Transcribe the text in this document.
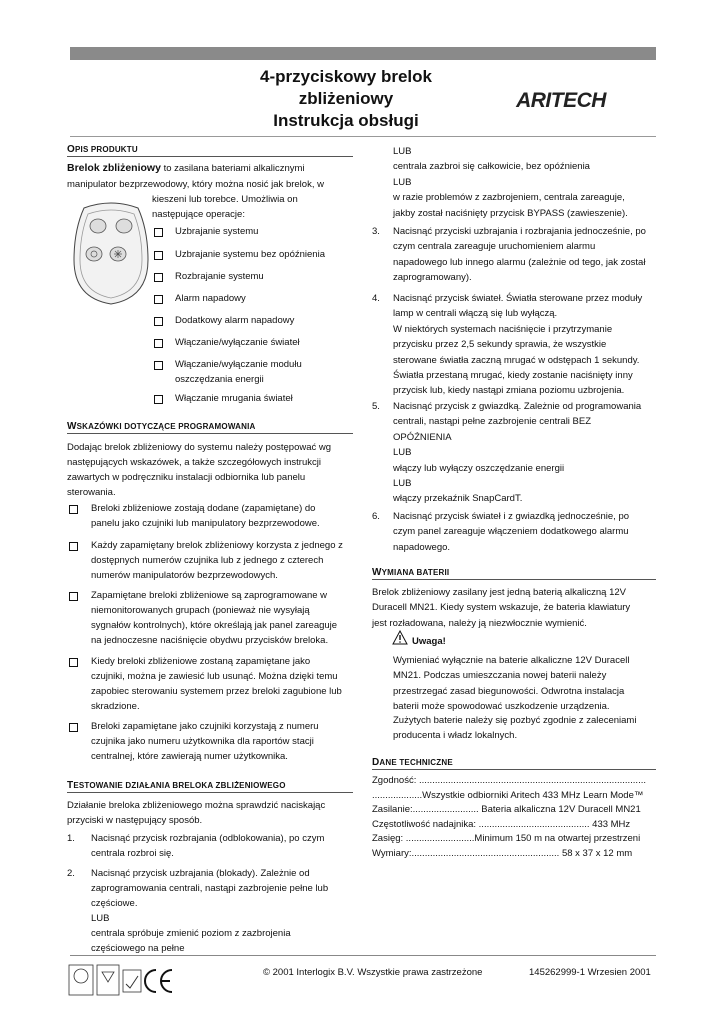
4-przyciskowy brelok
zbliżeniowy
Instrukcja obsługi
ARITECH
OPIS PRODUKTU
Brelok zbliżeniowy to zasilana bateriami alkalicznymi
manipulator bezprzewodowy, który można nosić jak brelok, w
kieszeni lub torebce. Umożliwia on
następujące operacje:
Uzbrajanie systemu
Uzbrajanie systemu bez opóźnienia
Rozbrajanie systemu
Alarm napadowy
Dodatkowy alarm napadowy
Włączanie/wyłączanie świateł
Włączanie/wyłączanie modułu
oszczędzania energii
Włączanie mrugania świateł
WSKAZÓWKI DOTYCZĄCE PROGRAMOWANIA
Dodając brelok zbliżeniowy do systemu należy postępować wg
następujących wskazówek, a także szczegółowych instrukcji
zawartych w podręczniku instalacji odbiornika lub panelu
sterowania.
Breloki zbliżeniowe zostają dodane (zapamiętane) do
panelu jako czujniki lub manipulatory bezprzewodowe.
Każdy zapamiętany brelok zbliżeniowy korzysta z jednego z
dostępnych numerów czujnika lub z jednego z czterech
numerów manipulatorów bezprzewodowych.
Zapamiętane breloki zbliżeniowe są zaprogramowane w
niemonitorowanych grupach (ponieważ nie wysyłają
sygnałów kontrolnych), które określają jak panel zareaguje
na jednoczesne naciśnięcie obydwu przycisków breloka.
Kiedy breloki zbliżeniowe zostaną zapamiętane jako
czujniki, można je zawiesić lub usunąć. Można dzięki temu
zapobiec sterowaniu systemem przez breloki zagubione lub
skradzione.
Breloki zapamiętane jako czujniki korzystają z numeru
czujnika jako numeru użytkownika dla raportów stacji
centralnej, które zawierają numer użytkownika.
TESTOWANIE DZIAŁANIA BRELOKA ZBLIŻENIOWEGO
Działanie breloka zbliżeniowego można sprawdzić naciskając
przyciski w następujący sposób.
1. Nacisnąć przycisk rozbrajania (odblokowania), po czym
centrala rozbroi się.
2. Nacisnąć przycisk uzbrajania (blokady). Zależnie od
zaprogramowania centrali, nastąpi zazbrojenie pełne lub
częściowe.
LUB
centrala spróbuje zmienić poziom z zazbrojenia
częściowego na pełne
LUB
centrala zazbroi się całkowicie, bez opóźnienia
LUB
w razie problemów z zazbrojeniem, centrala zareaguje,
jakby został naciśnięty przycisk BYPASS (zawieszenie).
3. Nacisnąć przyciski uzbrajania i rozbrajania jednocześnie, po
czym centrala zareaguje uruchomieniem alarmu
napadowego lub innego alarmu (zależnie od tego, jak został
zaprogramowany).
4. Nacisnąć przycisk świateł. Światła sterowane przez moduły
lamp w centrali włączą się lub wyłączą.
W niektórych systemach naciśnięcie i przytrzymanie
przycisku przez 2,5 sekundy sprawia, że wszystkie
sterowane światła zaczną mrugać w odstępach 1 sekundy.
Światła przestaną mrugać, kiedy zostanie naciśnięty inny
przycisk lub, kiedy nastąpi zmiana poziomu uzbrojenia.
5. Nacisnąć przycisk z gwiazdką. Zależnie od programowania
centrali, nastąpi pełne zazbrojenie centrali BEZ
OPÓŹNIENIA
LUB
włączy lub wyłączy oszczędzanie energii
LUB
włączy przekaźnik SnapCardT.
6. Nacisnąć przycisk świateł i z gwiazdką jednocześnie, po
czym panel zareaguje włączeniem dodatkowego alarmu
napadowego.
WYMIANA BATERII
Brelok zbliżeniowy zasilany jest jedną baterią alkaliczną 12V
Duracell MN21. Kiedy system wskazuje, że bateria klawiatury
jest rozładowana, należy ją niezwłocznie wymienić.
Uwaga!
Wymieniać wyłącznie na baterie alkaliczne 12V Duracell
MN21. Podczas umieszczania nowej baterii należy
przestrzegać zasad biegunowości. Odwrotna instalacja
baterii może spowodować uszkodzenie urządzenia.
Zużytych baterie należy się pozbyć zgodnie z zaleceniami
producenta i władz lokalnych.
DANE TECHNICZNE
Zgodność: ......................................................................................
...................Wszystkie odbiorniki Aritech 433 MHz Learn Mode™
Zasilanie:......................... Bateria alkaliczna 12V Duracell MN21
Częstotliwość nadajnika: .......................................... 433 MHz
Zasięg: ..........................Minimum 150 m na otwartej przestrzeni
Wymiary:........................................................ 58 x 37 x 12 mm
© 2001 Interlogix B.V. Wszystkie prawa zastrzeżone	145262999-1 Wrzesien 2001
